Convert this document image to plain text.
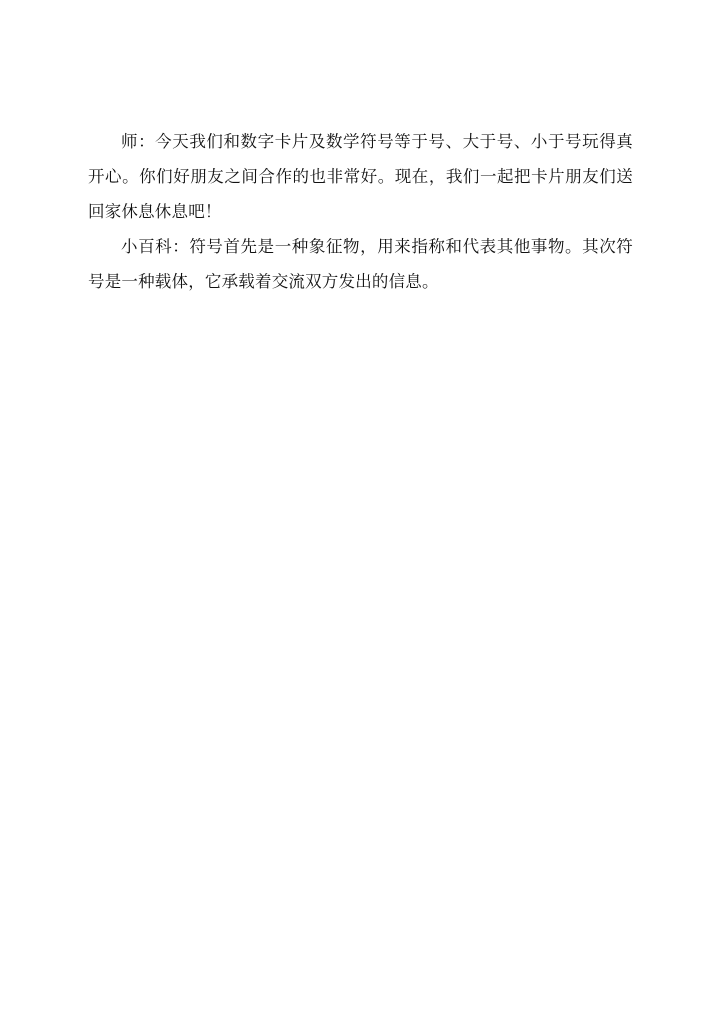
师：今天我们和数字卡片及数学符号等于号、大于号、小于号玩得真开心。你们好朋友之间合作的也非常好。现在，我们一起把卡片朋友们送回家休息休息吧！

小百科：符号首先是一种象征物，用来指称和代表其他事物。其次符号是一种载体，它承载着交流双方发出的信息。
